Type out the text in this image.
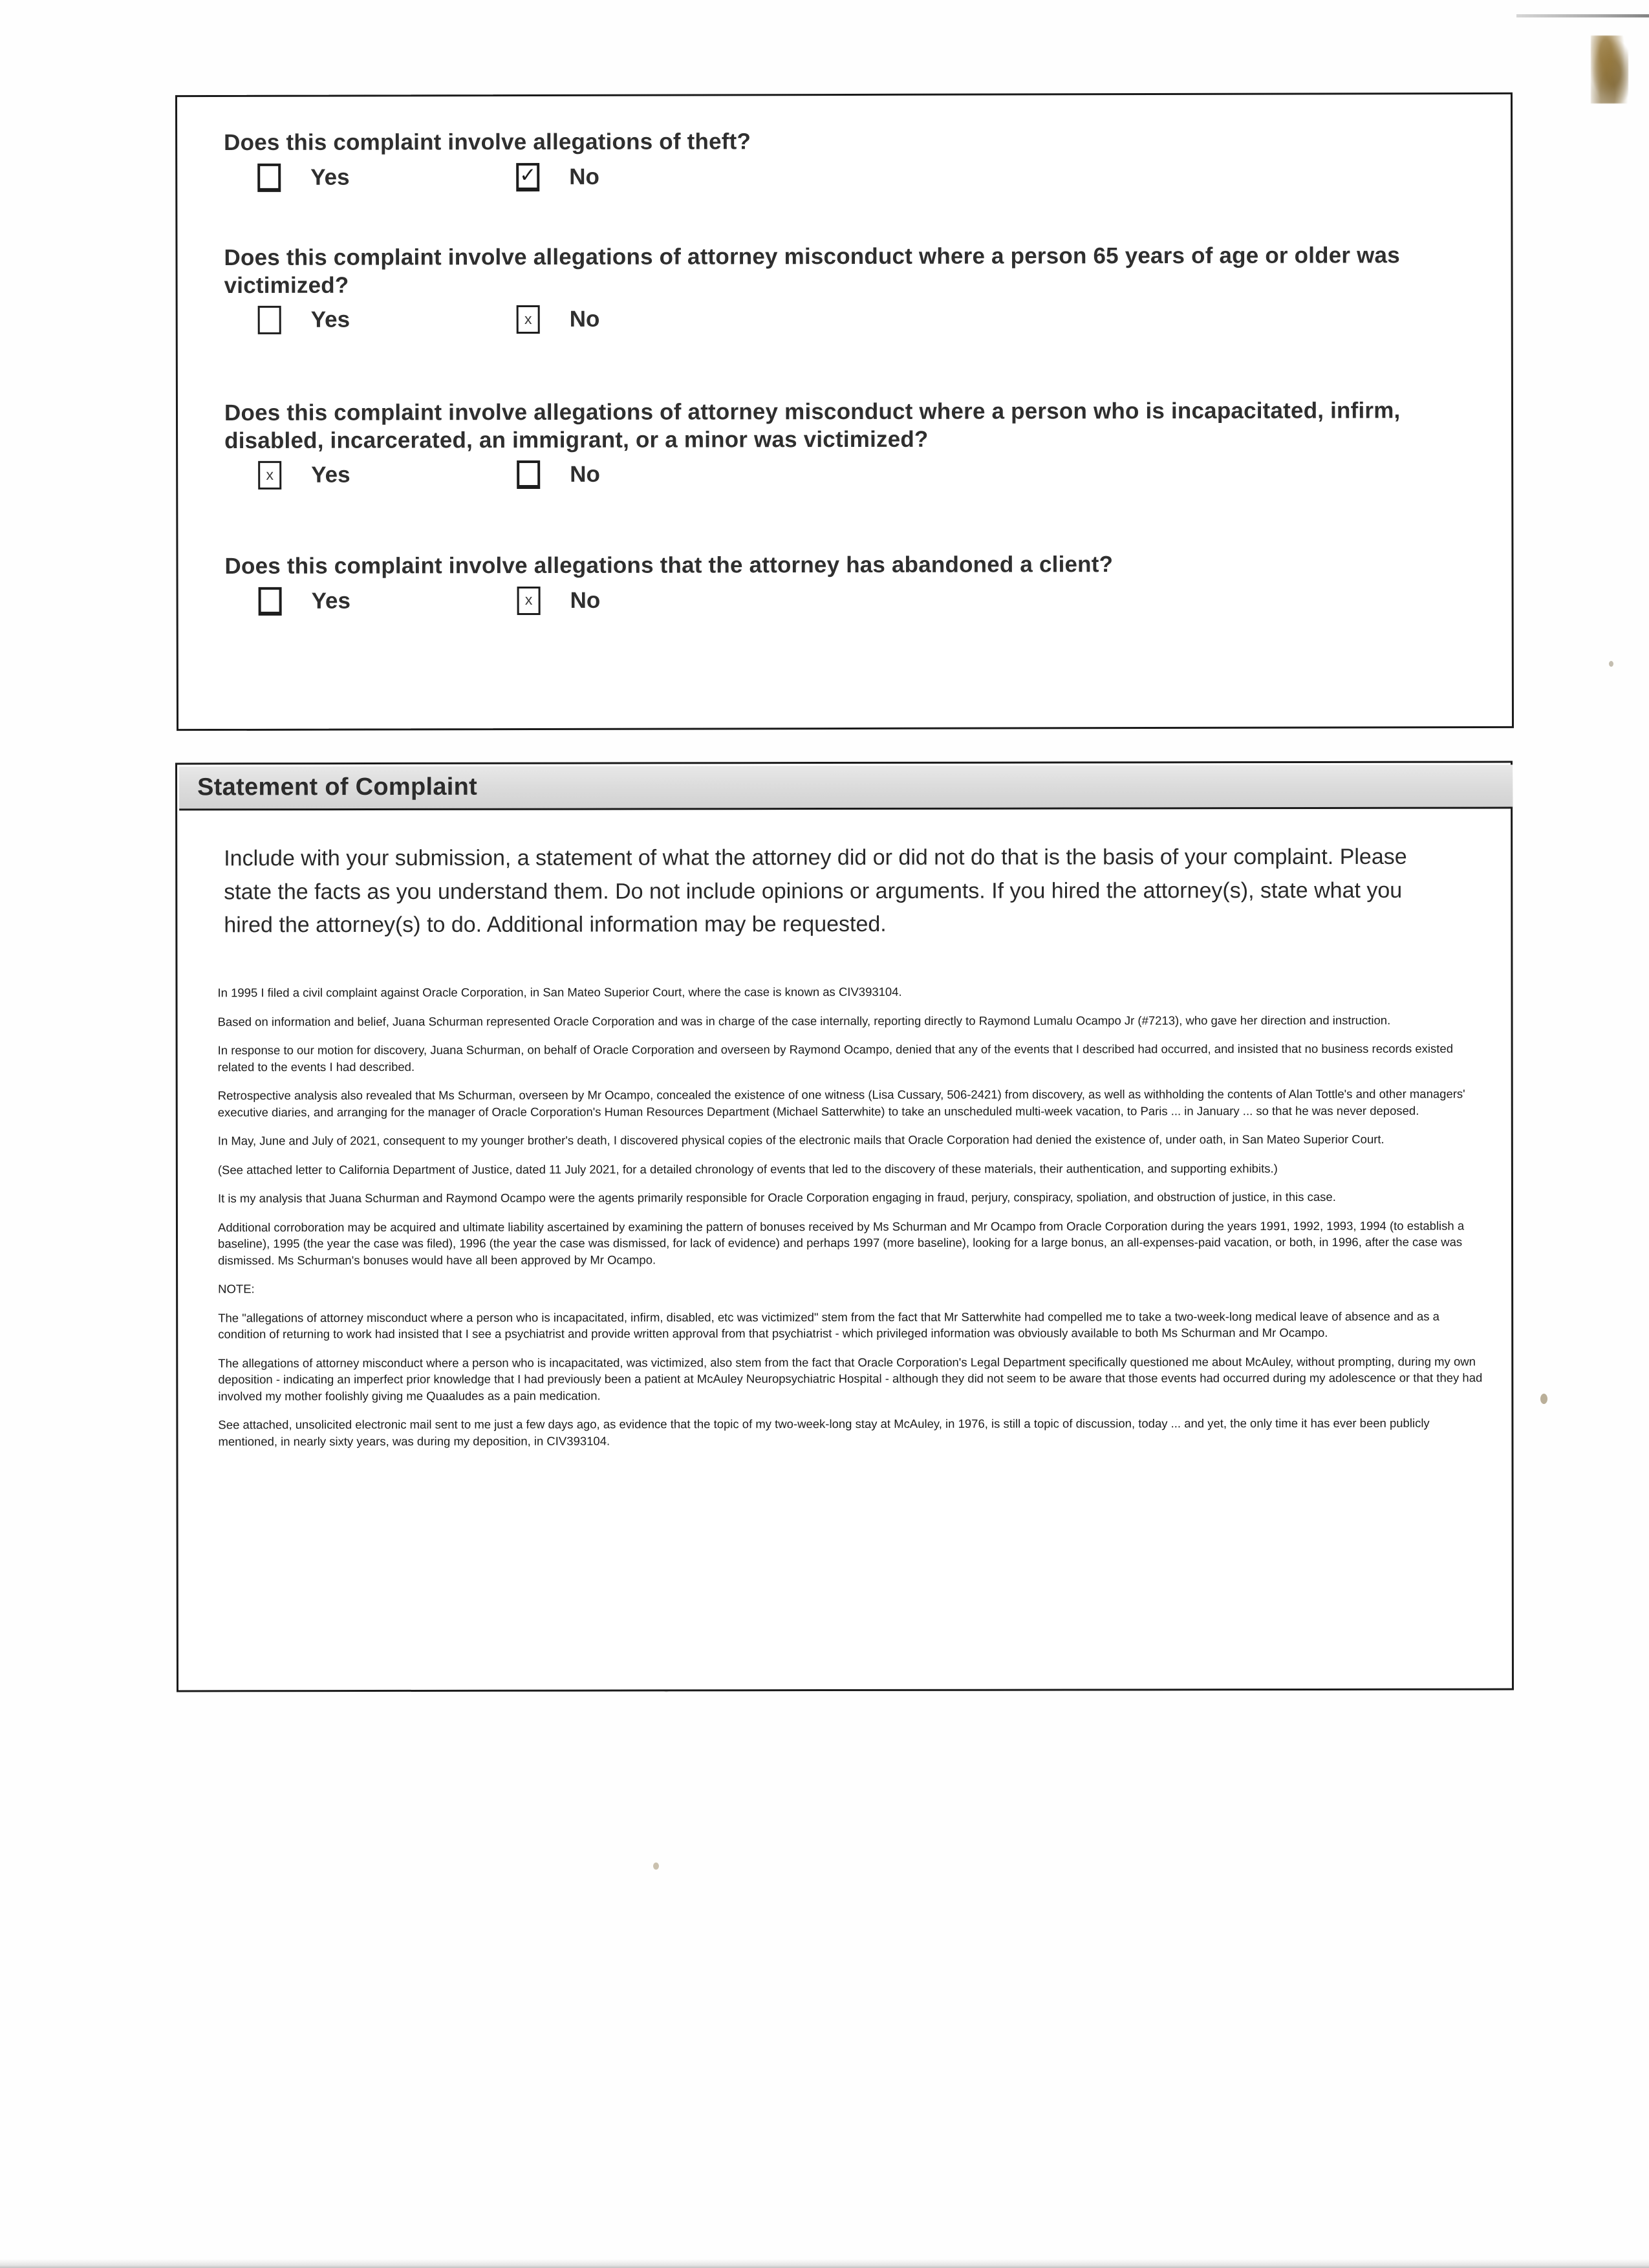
Does this complaint involve allegations of theft?

Yes	✓ No

Does this complaint involve allegations of attorney misconduct where a person 65 years of age or older was victimized?

Yes	x No

Does this complaint involve allegations of attorney misconduct where a person who is incapacitated, infirm, disabled, incarcerated, an immigrant, or a minor was victimized?

x Yes	No

Does this complaint involve allegations that the attorney has abandoned a client?

Yes	x No
Statement of Complaint
Include with your submission, a statement of what the attorney did or did not do that is the basis of your complaint. Please state the facts as you understand them. Do not include opinions or arguments. If you hired the attorney(s), state what you hired the attorney(s) to do. Additional information may be requested.

In 1995 I filed a civil complaint against Oracle Corporation, in San Mateo Superior Court, where the case is known as CIV393104.

Based on information and belief, Juana Schurman represented Oracle Corporation and was in charge of the case internally, reporting directly to Raymond Lumalu Ocampo Jr (#7213), who gave her direction and instruction.

In response to our motion for discovery, Juana Schurman, on behalf of Oracle Corporation and overseen by Raymond Ocampo, denied that any of the events that I described had occurred, and insisted that no business records existed related to the events I had described.

Retrospective analysis also revealed that Ms Schurman, overseen by Mr Ocampo, concealed the existence of one witness (Lisa Cussary, 506-2421) from discovery, as well as withholding the contents of Alan Tottle's and other managers' executive diaries, and arranging for the manager of Oracle Corporation's Human Resources Department (Michael Satterwhite) to take an unscheduled multi-week vacation, to Paris ... in January ... so that he was never deposed.

In May, June and July of 2021, consequent to my younger brother's death, I discovered physical copies of the electronic mails that Oracle Corporation had denied the existence of, under oath, in San Mateo Superior Court.

(See attached letter to California Department of Justice, dated 11 July 2021, for a detailed chronology of events that led to the discovery of these materials, their authentication, and supporting exhibits.)

It is my analysis that Juana Schurman and Raymond Ocampo were the agents primarily responsible for Oracle Corporation engaging in fraud, perjury, conspiracy, spoliation, and obstruction of justice, in this case.

Additional corroboration may be acquired and ultimate liability ascertained by examining the pattern of bonuses received by Ms Schurman and Mr Ocampo from Oracle Corporation during the years 1991, 1992, 1993, 1994 (to establish a baseline), 1995 (the year the case was filed), 1996 (the year the case was dismissed, for lack of evidence) and perhaps 1997 (more baseline), looking for a large bonus, an all-expenses-paid vacation, or both, in 1996, after the case was dismissed. Ms Schurman's bonuses would have all been approved by Mr Ocampo.

NOTE:

The "allegations of attorney misconduct where a person who is incapacitated, infirm, disabled, etc was victimized" stem from the fact that Mr Satterwhite had compelled me to take a two-week-long medical leave of absence and as a condition of returning to work had insisted that I see a psychiatrist and provide written approval from that psychiatrist - which privileged information was obviously available to both Ms Schurman and Mr Ocampo.

The allegations of attorney misconduct where a person who is incapacitated, was victimized, also stem from the fact that Oracle Corporation's Legal Department specifically questioned me about McAuley, without prompting, during my own deposition - indicating an imperfect prior knowledge that I had previously been a patient at McAuley Neuropsychiatric Hospital - although they did not seem to be aware that those events had occurred during my adolescence or that they had involved my mother foolishly giving me Quaaludes as a pain medication.

See attached, unsolicited electronic mail sent to me just a few days ago, as evidence that the topic of my two-week-long stay at McAuley, in 1976, is still a topic of discussion, today ... and yet, the only time it has ever been publicly mentioned, in nearly sixty years, was during my deposition, in CIV393104.
